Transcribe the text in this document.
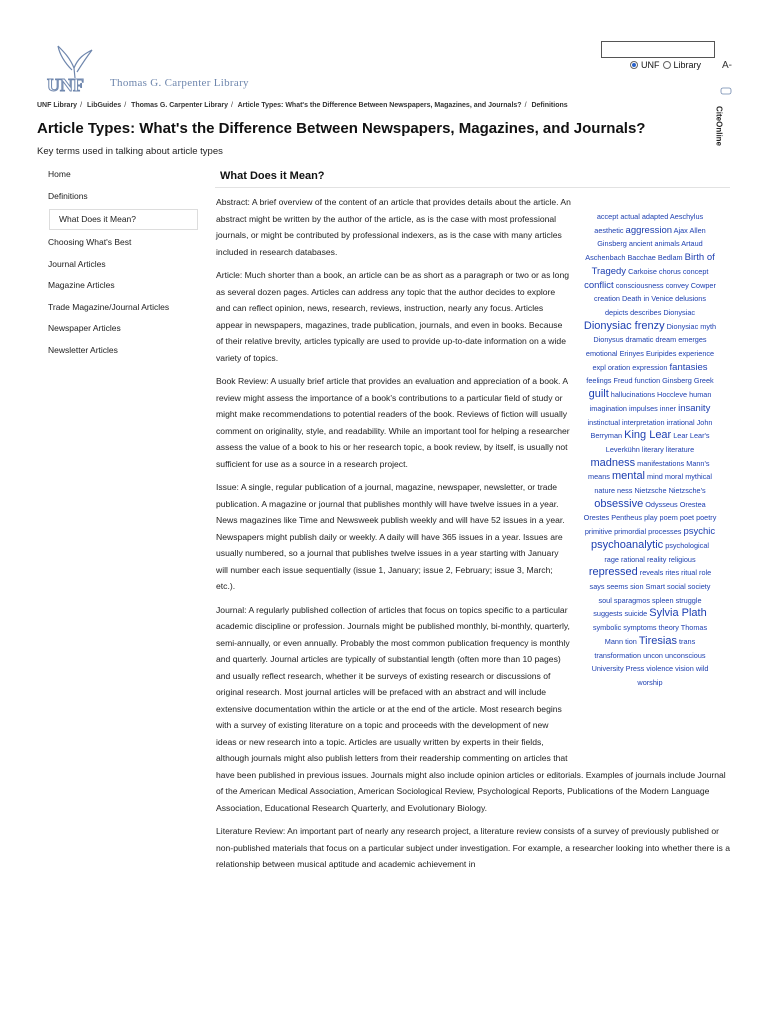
UNF Thomas G. Carpenter Library
UNF Library A-
CiteOnline
UNF Library / LibGuides / Thomas G. Carpenter Library / Article Types: What's the Difference Between Newspapers, Magazines, and Journals? / Definitions
Article Types: What's the Difference Between Newspapers, Magazines, and Journals?
Key terms used in talking about article types
Home
Definitions
What Does it Mean?
Choosing What's Best
Journal Articles
Magazine Articles
Trade Magazine/Journal Articles
Newspaper Articles
Newsletter Articles
What Does it Mean?

Abstract: A brief overview of the content of an article that provides details about the article. An abstract might be written by the author of the article, as is the case with most professional journals, or might be contributed by professional indexers, as is the case with many articles included in research databases.

Article: Much shorter than a book, an article can be as short as a paragraph or two or as long as several dozen pages. Articles can address any topic that the author decides to explore and can reflect opinion, news, research, reviews, instruction, nearly any focus. Articles appear in newspapers, magazines, trade publication, journals, and even in books. Because of their relative brevity, articles typically are used to provide up-to-date information on a wide variety of topics.

Book Review: A usually brief article that provides an evaluation and appreciation of a book. A review might assess the importance of a book's contributions to a particular field of study or might make recommendations to potential readers of the book. Reviews of fiction will usually comment on originality, style, and readability. While an important tool for helping a researcher assess the value of a book to his or her research topic, a book review, by itself, is usually not sufficient for use as a source in a research project.

Issue: A single, regular publication of a journal, magazine, newspaper, newsletter, or trade publication. A magazine or journal that publishes monthly will have twelve issues in a year. News magazines like Time and Newsweek publish weekly and will have 52 issues in a year. Newspapers might publish daily or weekly. A daily will have 365 issues in a year. Issues are usually numbered, so a journal that publishes twelve issues in a year starting with January will number each issue sequentially (issue 1, January; issue 2, February; issue 3, March; etc.).

Journal: A regularly published collection of articles that focus on topics specific to a particular academic discipline or profession. Journals might be published monthly, bi-monthly, quarterly, semi-annually, or even annually. Probably the most common publication frequency is monthly and quarterly. Journal articles are typically of substantial length (often more than 10 pages) and usually reflect research, whether it be surveys of existing research or discussions of original research. Most journal articles will be prefaced with an abstract and will include extensive documentation within the article or at the end of the article. Most research begins with a survey of existing literature on a topic and proceeds with the development of new ideas or new research into a topic. Articles are usually written by experts in their fields, although journals might also publish letters from their readership commenting on articles that

have been published in previous issues. Journals might also include opinion articles or editorials. Examples of journals include Journal of the American Medical Association, American Sociological Review, Psychological Reports, Publications of the Modern Language Association, Educational Research Quarterly, and Evolutionary Biology.

Literature Review: An important part of nearly any research project, a literature review consists of a survey of previously published or non-published materials that focus on a particular subject under investigation. For example, a researcher looking into whether there is a relationship between musical aptitude and academic achievement in

accept actual adapted Aeschylus aesthetic aggression Ajax Allen Ginsberg ancient animals Artaud Aschenbach Bacchae Bedlam Birth of Tragedy Carkoise chorus concept conflict consciousness convey Cowper creation Death in Venice delusions depicts describes Dionysiac Dionysiac frenzy Dionysiac myth Dionysus dramatic dream emerges emotional Erinyes Euripides experience expl oration expression fantasies feelings Freud function Ginsberg Greek guilt hallucinations Hoccleve human imagination impulses inner insanity instinctual interpretation irrational John Berryman King Lear Lear Lear's Leverkühn literary literature madness manifestations Mann's means mental mind moral mythical nature ness Nietzsche Nietzsche's obsessive Odysseus Orestea Orestes Pentheus play poem poet poetry primitive primordial processes psychic psychoanalytic psychological rage rational reality religious repressed reveals rites ritual role says seems sion Smart social society soul sparagmos spleen struggle suggests suicide Sylvia Plath symbolic symptoms theory Thomas Mann tion Tiresias trans transformation uncon unconscious University Press violence vision wild worship
